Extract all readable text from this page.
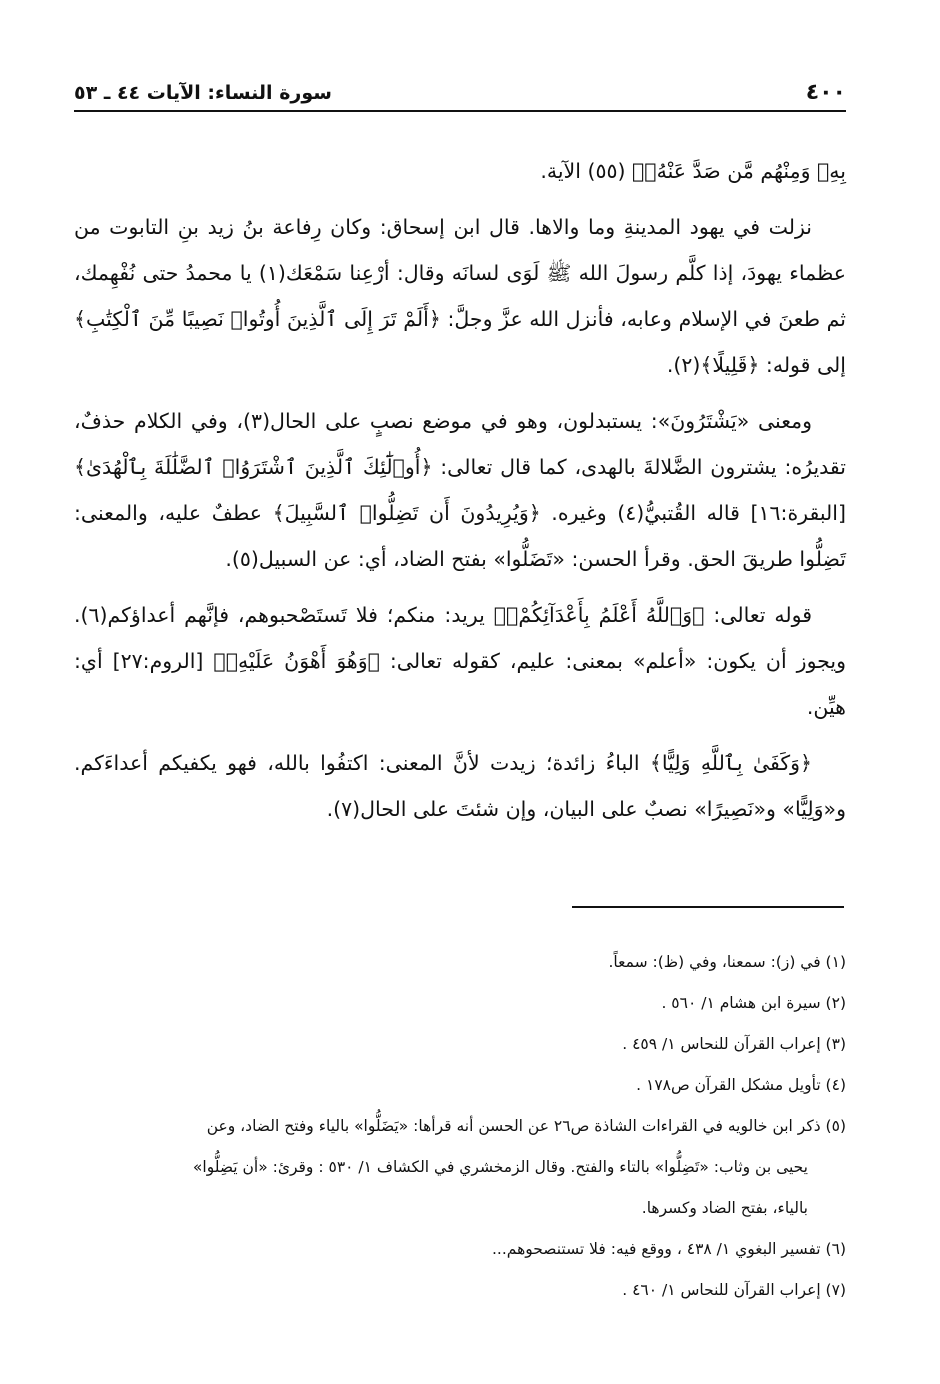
٤٠٠
سورة النساء: الآيات ٤٤ ـ ٥٣

بِهِۦ وَمِنْهُم مَّن صَدَّ عَنْهُۚ﴾ (٥٥) الآية.

نزلت في يهود المدينةِ وما والاها. قال ابن إسحاق: وكان رِفاعة بنُ زيد بنِ التابوت من عظماء يهودَ، إذا كلَّم رسولَ الله ﷺ لَوَى لسانَه وقال: أرْعِنا سَمْعَك(١) يا محمدُ حتى نُفْهِمك، ثم طعنَ في الإسلام وعابه، فأنزل الله عزَّ وجلَّ: ﴿أَلَمْ تَرَ إِلَى ٱلَّذِينَ أُوتُوا۟ نَصِيبًا مِّنَ ٱلْكِتَٰبِ﴾ إلى قوله: ﴿قَلِيلًا﴾(٢).

ومعنى «يَشْتَرُونَ»: يستبدلون، وهو في موضع نصبٍ على الحال(٣)، وفي الكلام حذفٌ، تقديرُه: يشترون الضَّلالةَ بالهدى، كما قال تعالى: ﴿أُو۟لَٰٓئِكَ ٱلَّذِينَ ٱشْتَرَوُا۟ ٱلضَّلَٰلَةَ بِٱلْهُدَىٰ﴾ [البقرة:١٦] قاله القُتبيُّ(٤) وغيره. ﴿وَيُرِيدُونَ أَن تَضِلُّوا۟ ٱلسَّبِيلَ﴾ عطفٌ عليه، والمعنى: تَضِلُّوا طريقَ الحق. وقرأ الحسن: «تَضَلُّوا» بفتح الضاد، أي: عن السبيل(٥).

قوله تعالى: ﴿وَٱللَّهُ أَعْلَمُ بِأَعْدَآئِكُمْۚ﴾ يريد: منكم؛ فلا تَستَصْحبوهم، فإنَّهم أعداؤكم(٦). ويجوز أن يكون: «أعلم» بمعنى: عليم، كقوله تعالى: ﴿وَهُوَ أَهْوَنُ عَلَيْهِۚ﴾ [الروم:٢٧] أي: هيِّن.

﴿وَكَفَىٰ بِٱللَّهِ وَلِيًّا﴾ الباءُ زائدة؛ زيدت لأنَّ المعنى: اكتفُوا بالله، فهو يكفيكم أعداءَكم. و«وَلِيًّا» و«نَصِيرًا» نصبٌ على البيان، وإن شئتَ على الحال(٧).

(١) في (ز): سمعنا، وفي (ظ): سمعاً.

(٢) سيرة ابن هشام ١/ ٥٦٠ .

(٣) إعراب القرآن للنحاس ١/ ٤٥٩ .

(٤) تأويل مشكل القرآن ص١٧٨ .

(٥) ذكر ابن خالويه في القراءات الشاذة ص٢٦ عن الحسن أنه قرأها: «يَضَلُّوا» بالياء وفتح الضاد، وعن
يحيى بن وثاب: «تَضِلُّوا» بالتاء والفتح. وقال الزمخشري في الكشاف ١/ ٥٣٠ : وقرئ: «أن يَضِلُّوا»
بالياء، بفتح الضاد وكسرها.

(٦) تفسير البغوي ١/ ٤٣٨ ، ووقع فيه: فلا تستنصحوهم...

(٧) إعراب القرآن للنحاس ١/ ٤٦٠ .
